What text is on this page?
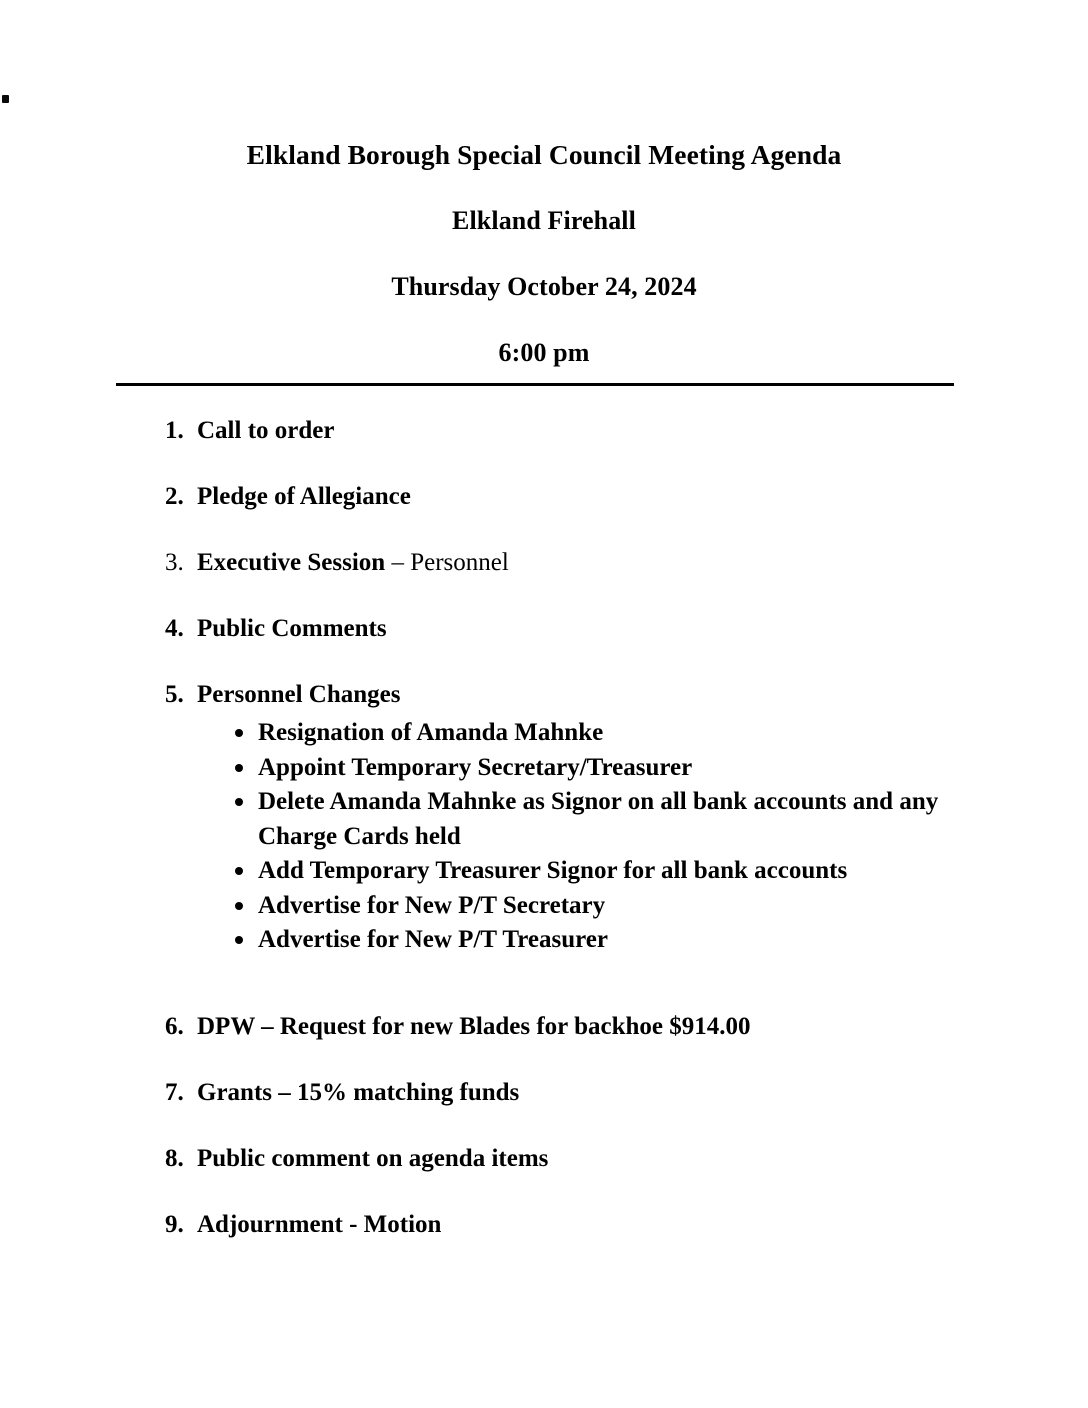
Elkland Borough Special Council Meeting Agenda
Elkland Firehall
Thursday October 24, 2024
6:00 pm
1. Call to order
2. Pledge of Allegiance
3. Executive Session – Personnel
4. Public Comments
5. Personnel Changes
Resignation of Amanda Mahnke
Appoint Temporary Secretary/Treasurer
Delete Amanda Mahnke as Signor on all bank accounts and any Charge Cards held
Add Temporary Treasurer Signor for all bank accounts
Advertise for New P/T Secretary
Advertise for New P/T Treasurer
6. DPW – Request for new Blades for backhoe $914.00
7. Grants – 15% matching funds
8. Public comment on agenda items
9. Adjournment - Motion
